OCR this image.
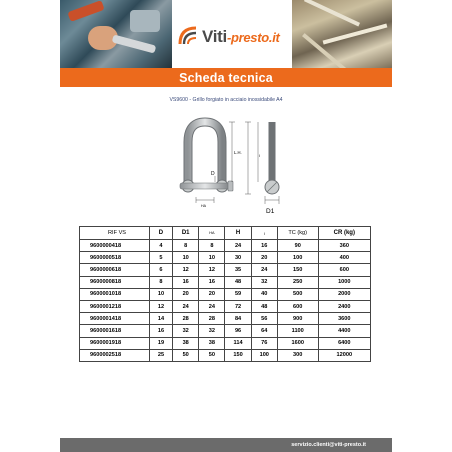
Viti-presto.it
Scheda tecnica
VS9600 - Grillo forgiato in acciaio inossidabile A4
D
HA
L.H.
I
D1
RIF VS	D	D1	HA	H	I	TC (kg)	CR (kg)
9600000418	4	8	8	24	16	90	360
9600000518	5	10	10	30	20	100	400
9600000618	6	12	12	35	24	150	600
9600000818	8	16	16	48	32	250	1000
9600001018	10	20	20	59	40	500	2000
9600001218	12	24	24	72	48	600	2400
9600001418	14	28	28	84	56	900	3600
9600001618	16	32	32	96	64	1100	4400
9600001918	19	38	38	114	76	1600	6400
9600002518	25	50	50	150	100	300	12000
servizio.clienti@viti-presto.it
